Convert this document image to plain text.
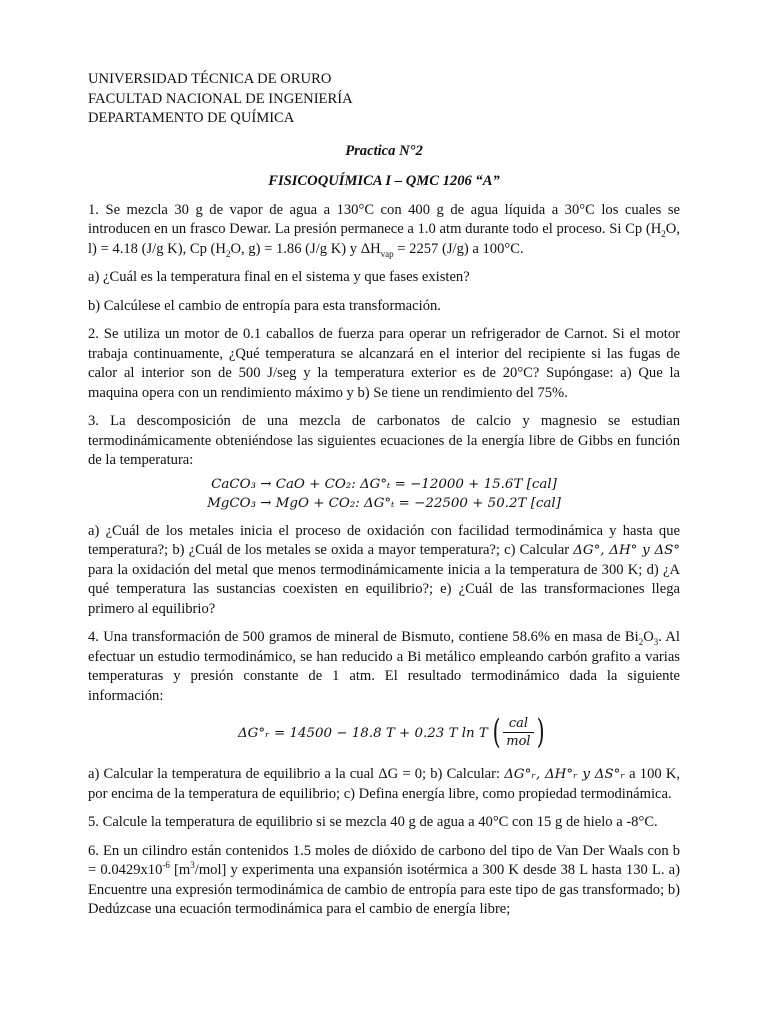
UNIVERSIDAD TÉCNICA DE ORURO
FACULTAD NACIONAL DE INGENIERÍA
DEPARTAMENTO DE QUÍMICA
Practica N°2
FISICOQUÍMICA I – QMC 1206 “A”

1. Se mezcla 30 g de vapor de agua a 130°C con 400 g de agua líquida a 30°C los cuales se introducen en un frasco Dewar. La presión permanece a 1.0 atm durante todo el proceso. Si Cp ($H_2O$, l) = 4.18 (J/g K), Cp ($H_2O$, g) = 1.86 (J/g K) y $\Delta H_{vap} = 2257$ (J/g) a 100°C.

a) ¿Cuál es la temperatura final en el sistema y que fases existen?

b) Calcúlese el cambio de entropía para esta transformación.

2. Se utiliza un motor de 0.1 caballos de fuerza para operar un refrigerador de Carnot. Si el motor trabaja continuamente, ¿Qué temperatura se alcanzará en el interior del recipiente si las fugas de calor al interior son de 500 J/seg y la temperatura exterior es de 20°C? Supóngase: a) Que la maquina opera con un rendimiento máximo y b) Se tiene un rendimiento del 75%.

3. La descomposición de una mezcla de carbonatos de calcio y magnesio se estudian termodinámicamente obteniéndose las siguientes ecuaciones de la energía libre de Gibbs en función de la temperatura:

CaCO₃ → CaO + CO₂: ΔG°ₜ = −12000 + 15.6T [cal]
MgCO₃ → MgO + CO₂: ΔG°ₜ = −22500 + 50.2T [cal]

a) ¿Cuál de los metales inicia el proceso de oxidación con facilidad termodinámica y hasta que temperatura?; b) ¿Cuál de los metales se oxida a mayor temperatura?; c) Calcular ΔG°, ΔH° y ΔS° para la oxidación del metal que menos termodinámicamente inicia a la temperatura de 300 K; d) ¿A qué temperatura las sustancias coexisten en equilibrio?; e) ¿Cuál de las transformaciones llega primero al equilibrio?

4. Una transformación de 500 gramos de mineral de Bismuto, contiene 58.6% en masa de $Bi_2O_3$. Al efectuar un estudio termodinámico, se han reducido a Bi metálico empleando carbón grafito a varias temperaturas y presión constante de 1 atm. El resultado termodinámico dada la siguiente información:

ΔG°ᵣ = 14500 − 18.8 T + 0.23 T ln T ( $\frac{\text{cal}}{\text{mol}}$ )

a) Calcular la temperatura de equilibrio a la cual ΔG = 0; b) Calcular: ΔG°ᵣ, ΔH°ᵣ y ΔS°ᵣ a 100 K, por encima de la temperatura de equilibrio; c) Defina energía libre, como propiedad termodinámica.

5. Calcule la temperatura de equilibrio si se mezcla 40 g de agua a 40°C con 15 g de hielo a -8°C.

6. En un cilindro están contenidos 1.5 moles de dióxido de carbono del tipo de Van Der Waals con $b = 0.0429x10^{-6}$ $[m^3/mol]$ y experimenta una expansión isotérmica a 300 K desde 38 L hasta 130 L. a) Encuentre una expresión termodinámica de cambio de entropía para este tipo de gas transformado; b) Dedúzcase una ecuación termodinámica para el cambio de energía libre;
